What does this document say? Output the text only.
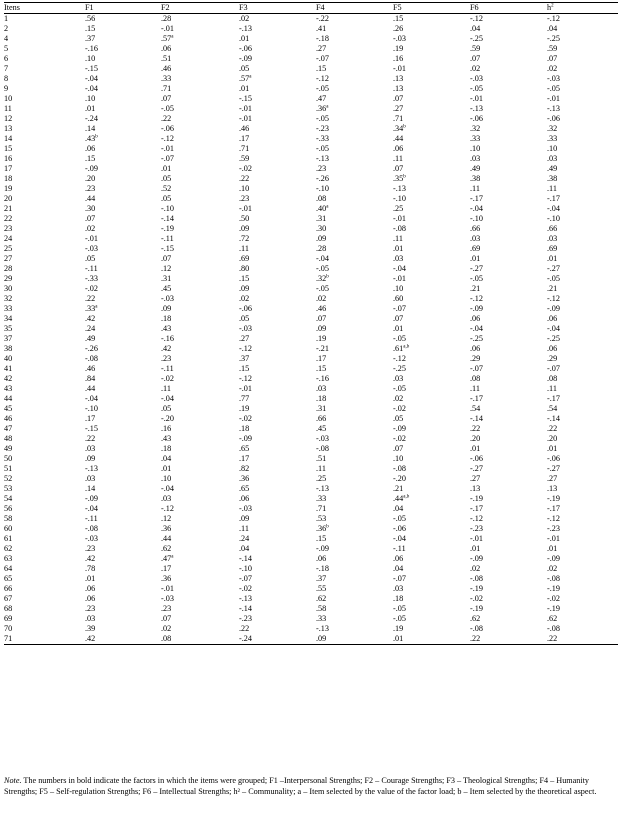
Itens	F1	F2	F3	F4	F5	F6	$h^2$
1	.56	.28	.02	-.22	.15	-.12	-.12
2	.15	-.01	-.13	.41	.26	.04	.04
4	.37	.57$^a$	.01	-.18	-.03	-.25	-.25
5	-.16	.06	-.06	.27	.19	.59	.59
6	.10	.51	-.09	-.07	.16	.07	.07
7	-.15	.46	.05	.15	-.01	.02	.02
8	-.04	.33	.57$^a$	-.12	.13	-.03	-.03
9	-.04	.71	.01	-.05	.13	-.05	-.05
10	.10	.07	-.15	.47	.07	-.01	-.01
11	.01	-.05	-.01	.36$^a$	.27	-.13	-.13
12	-.24	.22	-.01	-.05	.71	-.06	-.06
13	.14	-.06	.46	-.23	.34$^b$	.32	.32
14	.43$^b$	-.12	.17	-.33	.44	.33	.33
15	.06	-.01	.71	-.05	.06	.10	.10
16	.15	-.07	.59	-.13	.11	.03	.03
17	-.09	.01	-.02	.23	.07	.49	.49
18	.20	.05	.22	-.26	.35$^b$	.38	.38
19	.23	.52	.10	-.10	-.13	.11	.11
20	.44	.05	.23	.08	-.10	-.17	-.17
21	.30	-.10	-.01	.40$^a$	.25	-.04	-.04
22	.07	-.14	.50	.31	-.01	-.10	-.10
23	.02	-.19	.09	.30	-.08	.66	.66
24	-.01	-.11	.72	.09	.11	.03	.03
25	-.03	-.15	.11	.28	.01	.69	.69
27	.05	.07	.69	-.04	.03	.01	.01
28	-.11	.12	.80	-.05	-.04	-.27	-.27
29	-.33	.31	.15	.32$^b$	-.01	-.05	-.05
30	-.02	.45	.09	-.05	.10	.21	.21
32	.22	-.03	.02	.02	.60	-.12	-.12
33	.33$^a$	.09	-.06	.46	-.07	-.09	-.09
34	.42	.18	.05	.07	.07	.06	.06
35	.24	.43	-.03	.09	.01	-.04	-.04
37	.49	-.16	.27	.19	-.05	-.25	-.25
38	-.26	.42	-.12	-.21	.61$^{a,b}$	.06	.06
40	-.08	.23	.37	.17	-.12	.29	.29
41	.46	-.11	.15	.15	-.25	-.07	-.07
42	.84	-.02	-.12	-.16	.03	.08	.08
43	.44	.11	-.01	.03	-.05	.11	.11
44	-.04	-.04	.77	.18	.02	-.17	-.17
45	-.10	.05	.19	.31	-.02	.54	.54
46	.17	-.20	-.02	.66	.05	-.14	-.14
47	-.15	.16	.18	.45	-.09	.22	.22
48	.22	.43	-.09	-.03	-.02	.20	.20
49	.03	.18	.65	-.08	.07	.01	.01
50	.09	.04	.17	.51	.10	-.06	-.06
51	-.13	.01	.82	.11	-.08	-.27	-.27
52	.03	.10	.36	.25	-.20	.27	.27
53	.14	-.04	.65	-.13	.21	.13	.13
54	-.09	.03	.06	.33	.44$^{a,b}$	-.19	-.19
56	-.04	-.12	-.03	.71	.04	-.17	-.17
58	-.11	.12	.09	.53	-.05	-.12	-.12
60	-.08	.36	.11	.36$^b$	-.06	-.23	-.23
61	-.03	.44	.24	.15	-.04	-.01	-.01
62	.23	.62	.04	-.09	-.11	.01	.01
63	.42	.47$^a$	-.14	.06	.06	-.09	-.09
64	.78	.17	-.10	-.18	.04	.02	.02
65	.01	.36	-.07	.37	-.07	-.08	-.08
66	.06	-.01	-.02	.55	.03	-.19	-.19
67	.06	-.03	-.13	.62	.18	-.02	-.02
68	.23	.23	-.14	.58	-.05	-.19	-.19
69	.03	.07	-.23	.33	-.05	.62	.62
70	.39	.02	.22	-.13	.19	-.08	-.08
71	.42	.08	-.24	.09	.01	.22	.22
Note. The numbers in bold indicate the factors in which the items were grouped; F1 –Interpersonal Strengths; F2 – Courage Strengths; F3 – Theological Strengths; F4 – Humanity Strengths; F5 – Self-regulation Strengths; F6 – Intellectual Strengths; h² – Communality; a – Item selected by the value of the factor load; b – Item selected by the theoretical aspect.
